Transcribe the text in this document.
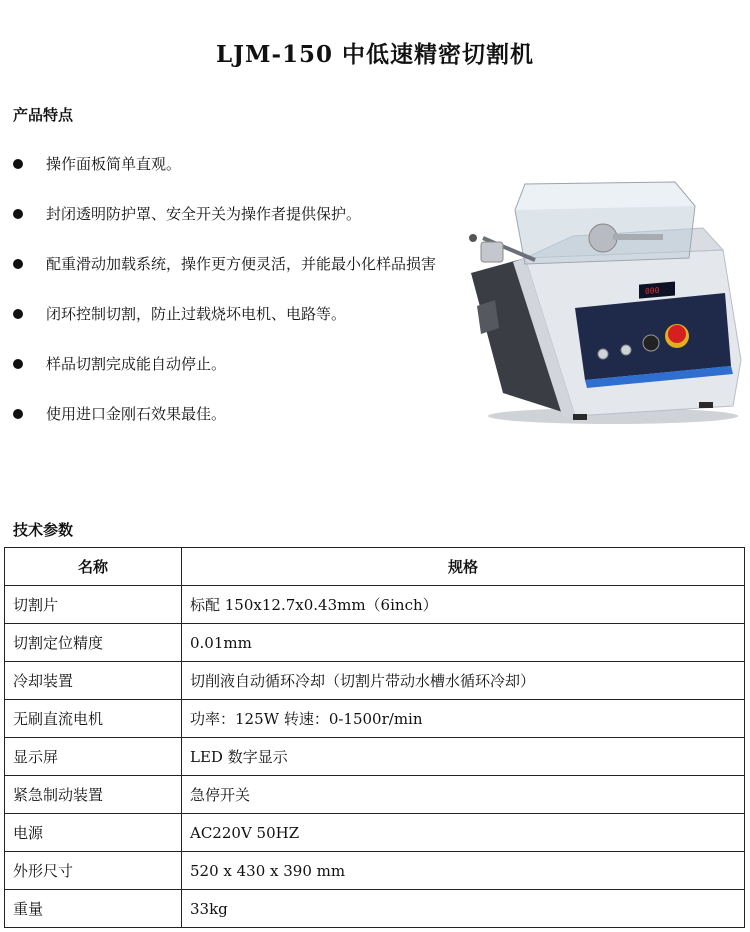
LJM-150 中低速精密切割机
产品特点
操作面板简单直观。
封闭透明防护罩、安全开关为操作者提供保护。
配重滑动加载系统，操作更方便灵活，并能最小化样品损害
闭环控制切割，防止过载烧坏电机、电路等。
样品切割完成能自动停止。
使用进口金刚石效果最佳。
000
技术参数
名称	规格
切割片	标配 150x12.7x0.43mm（6inch）
切割定位精度	0.01mm
冷却装置	切削液自动循环冷却（切割片带动水槽水循环冷却）
无刷直流电机	功率：125W 转速：0-1500r/min
显示屏	LED 数字显示
紧急制动装置	急停开关
电源	AC220V 50HZ
外形尺寸	520 x 430 x 390 mm
重量	33kg
